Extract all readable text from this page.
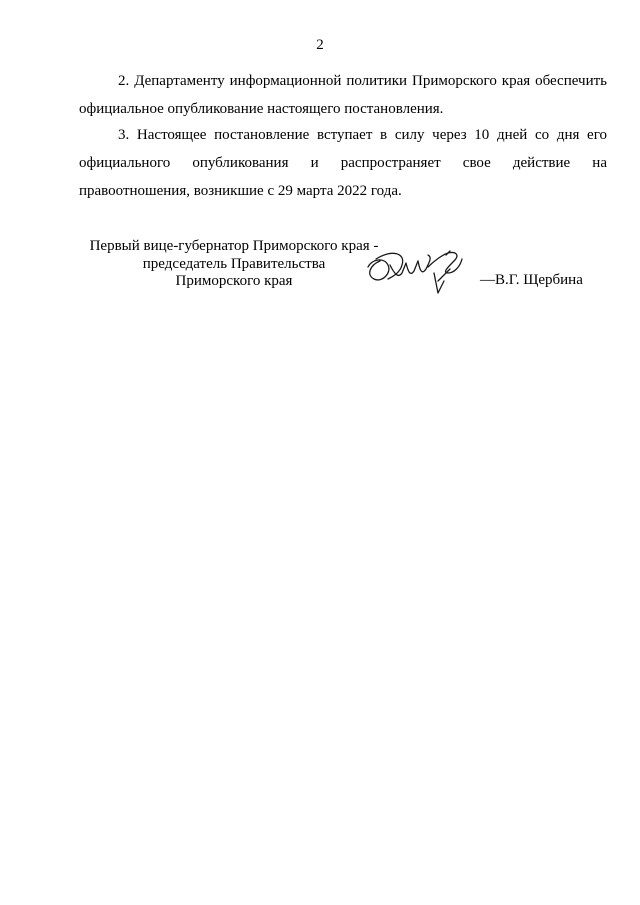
2
2. Департаменту информационной политики Приморского края обеспечить официальное опубликование настоящего постановления.
3. Настоящее постановление вступает в силу через 10 дней со дня его официального опубликования и распространяет свое действие на правоотношения, возникшие с 29 марта 2022 года.
Первый вице-губернатор Приморского края -
председатель Правительства
Приморского края	—В.Г. Щербина
